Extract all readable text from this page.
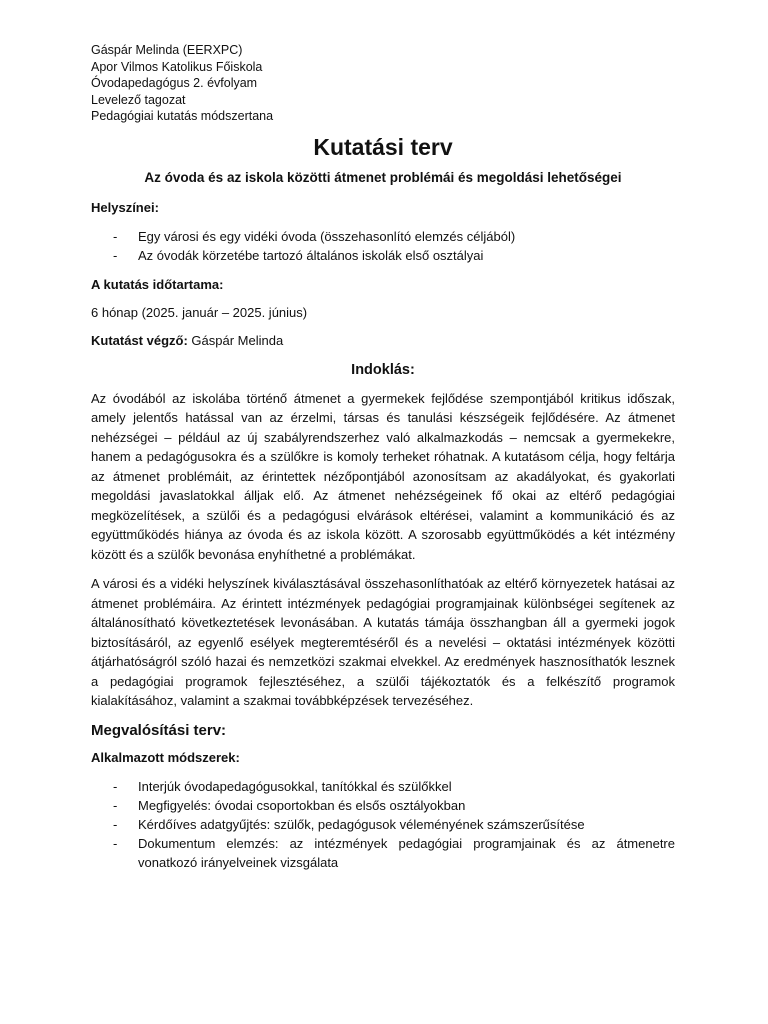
Gáspár Melinda (EERXPC)

Apor Vilmos Katolikus Főiskola

Óvodapedagógus 2. évfolyam

Levelező tagozat

Pedagógiai kutatás módszertana

Kutatási terv
Az óvoda és az iskola közötti átmenet problémái és megoldási lehetőségei

Helyszínei:

- Egy városi és egy vidéki óvoda (összehasonlító elemzés céljából)
- Az óvodák körzetébe tartozó általános iskolák első osztályai

A kutatás időtartama:

6 hónap (2025. január – 2025. június)

Kutatást végző: Gáspár Melinda

Indoklás:

Az óvodából az iskolába történő átmenet a gyermekek fejlődése szempontjából kritikus időszak, amely jelentős hatással van az érzelmi, társas és tanulási készségeik fejlődésére. Az átmenet nehézségei – például az új szabályrendszerhez való alkalmazkodás – nemcsak a gyermekekre, hanem a pedagógusokra és a szülőkre is komoly terheket róhatnak. A kutatásom célja, hogy feltárja az átmenet problémáit, az érintettek nézőpontjából azonosítsam az akadályokat, és gyakorlati megoldási javaslatokkal álljak elő. Az átmenet nehézségeinek fő okai az eltérő pedagógiai megközelítések, a szülői és a pedagógusi elvárások eltérései, valamint a kommunikáció és az együttműködés hiánya az óvoda és az iskola között. A szorosabb együttműködés a két intézmény között és a szülők bevonása enyhíthetné a problémákat.

A városi és a vidéki helyszínek kiválasztásával összehasonlíthatóak az eltérő környezetek hatásai az átmenet problémáira. Az érintett intézmények pedagógiai programjainak különbségei segítenek az általánosítható következtetések levonásában. A kutatás támája összhangban áll a gyermeki jogok biztosításáról, az egyenlő esélyek megteremtéséről és a nevelési – oktatási intézmények közötti átjárhatóságról szóló hazai és nemzetközi szakmai elvekkel. Az eredmények hasznosíthatók lesznek a pedagógiai programok fejlesztéséhez, a szülői tájékoztatók és a felkészítő programok kialakításához, valamint a szakmai továbbképzések tervezéséhez.

Megvalósítási terv:

Alkalmazott módszerek:

- Interjúk óvodapedagógusokkal, tanítókkal és szülőkkel
- Megfigyelés: óvodai csoportokban és elsős osztályokban
- Kérdőíves adatgyűjtés: szülők, pedagógusok véleményének számszerűsítése
- Dokumentum elemzés: az intézmények pedagógiai programjainak és az átmenetre vonatkozó irányelveinek vizsgálata
